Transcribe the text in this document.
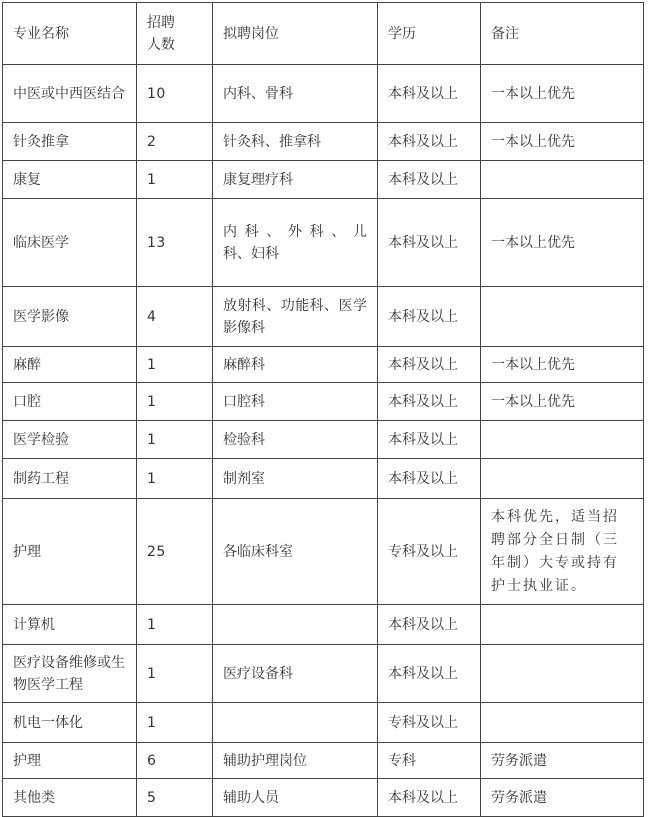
专业名称	招聘人数	拟聘岗位	学历	备注
中医或中西医结合	10	内科、骨科	本科及以上	一本以上优先
针灸推拿	2	针灸科、推拿科	本科及以上	一本以上优先
康复	1	康复理疗科	本科及以上	
临床医学	13	内 科 、 外 科 、 儿 科、妇科	本科及以上	一本以上优先
医学影像	4	放射科、功能科、医学影像科	本科及以上	
麻醉	1	麻醉科	本科及以上	一本以上优先
口腔	1	口腔科	本科及以上	一本以上优先
医学检验	1	检验科	本科及以上	
制药工程	1	制剂室	本科及以上	
护理	25	各临床科室	专科及以上	本科优先，适当招聘部分全日制（三年制）大专或持有护士执业证。
计算机	1		本科及以上	
医疗设备维修或生物医学工程	1	医疗设备科	本科及以上	
机电一体化	1		专科及以上	
护理	6	辅助护理岗位	专科	劳务派遣
其他类	5	辅助人员	本科及以上	劳务派遣
